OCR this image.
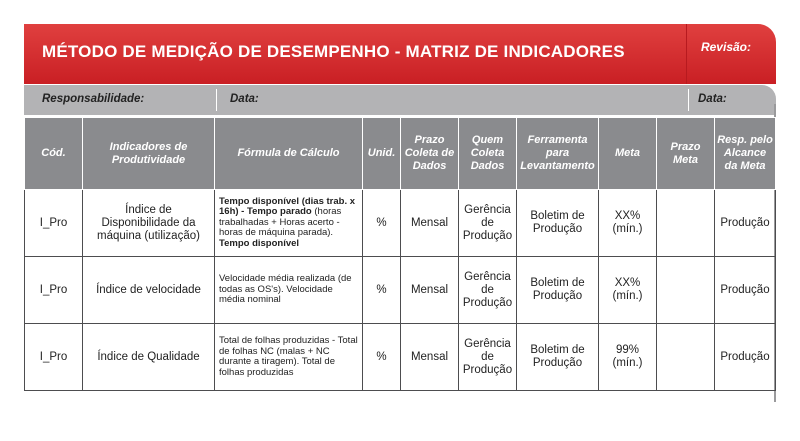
MÉTODO DE MEDIÇÃO DE DESEMPENHO - MATRIZ DE INDICADORES	Revisão:
Responsabilidade:	Data:	Data:
Cód.	Indicadores de Produtividade	Fórmula de Cálculo	Unid.	Prazo Coleta de Dados	Quem Coleta Dados	Ferramenta para Levantamento	Meta	Prazo Meta	Resp. pelo Alcance da Meta
I_Pro	Índice de Disponibilidade da máquina (utilização)	Tempo disponível (dias trab. x 16h) - Tempo parado (horas trabalhadas + Horas acerto - horas de máquina parada). Tempo disponível	%	Mensal	Gerência de Produção	Boletim de Produção	XX%(mín.)		Produção
I_Pro	Índice de velocidade	Velocidade média realizada (de todas as OS's). Velocidade média nominal	%	Mensal	Gerência de Produção	Boletim de Produção	XX%(mín.)		Produção
I_Pro	Índice de Qualidade	Total de folhas produzidas - Total de folhas NC (malas + NC durante a tiragem). Total de folhas produzidas	%	Mensal	Gerência de Produção	Boletim de Produção	99%(mín.)		Produção
